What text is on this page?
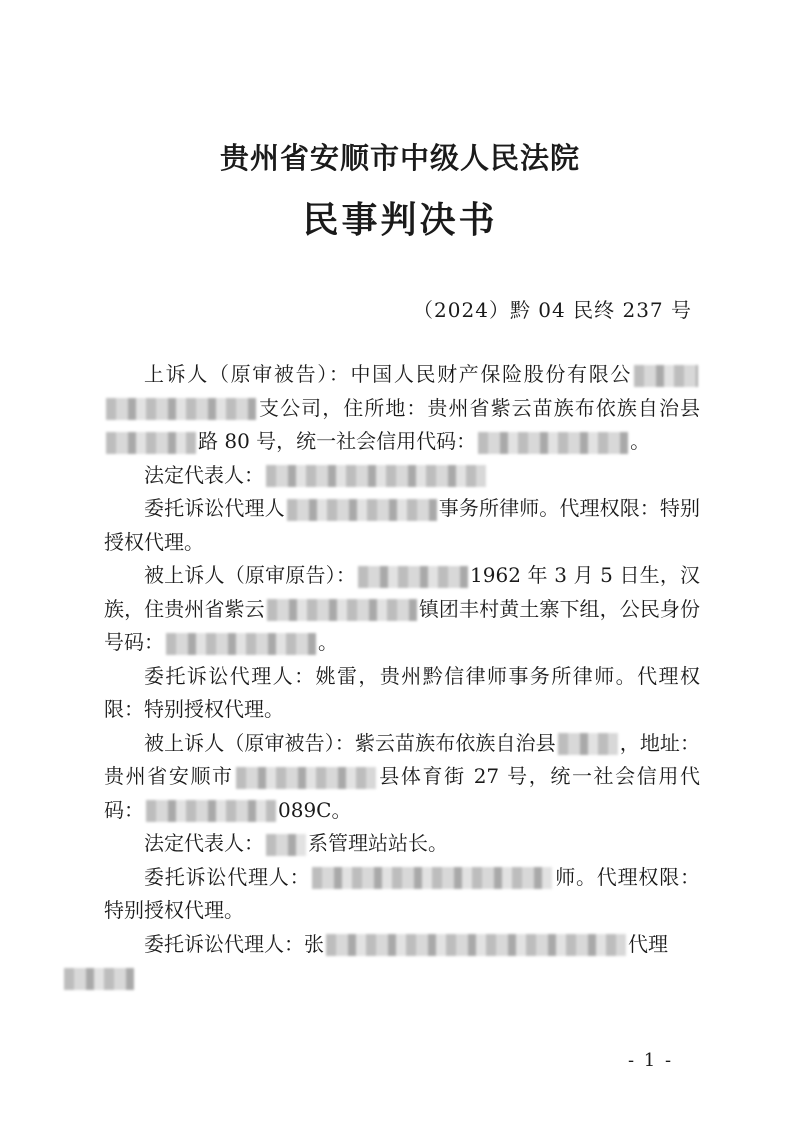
贵州省安顺市中级人民法院
民事判决书
（2024）黔 04 民终 237 号

上诉人（原审被告）：中国人民财产保险股份有限公支公司，住所地：贵州省紫云苗族布依族自治县路 80 号，统一社会信用代码：	。

法定代表人：

委托诉讼代理人	事务所律师。代理权限：特别授权代理。

被上诉人（原审原告）：	1962 年 3 月 5 日生，汉族，住贵州省紫云	镇团丰村黄土寨下组，公民身份号码：	。

委托诉讼代理人：姚雷，贵州黔信律师事务所律师。代理权限：特别授权代理。

被上诉人（原审被告）：紫云苗族布依族自治县	，地址：贵州省安顺市	县体育街 27 号，统一社会信用代码：	089C。

法定代表人： 系管理站站长。

委托诉讼代理人：	师。代理权限：特别授权代理。

委托诉讼代理人：张	代理

- 1 -
